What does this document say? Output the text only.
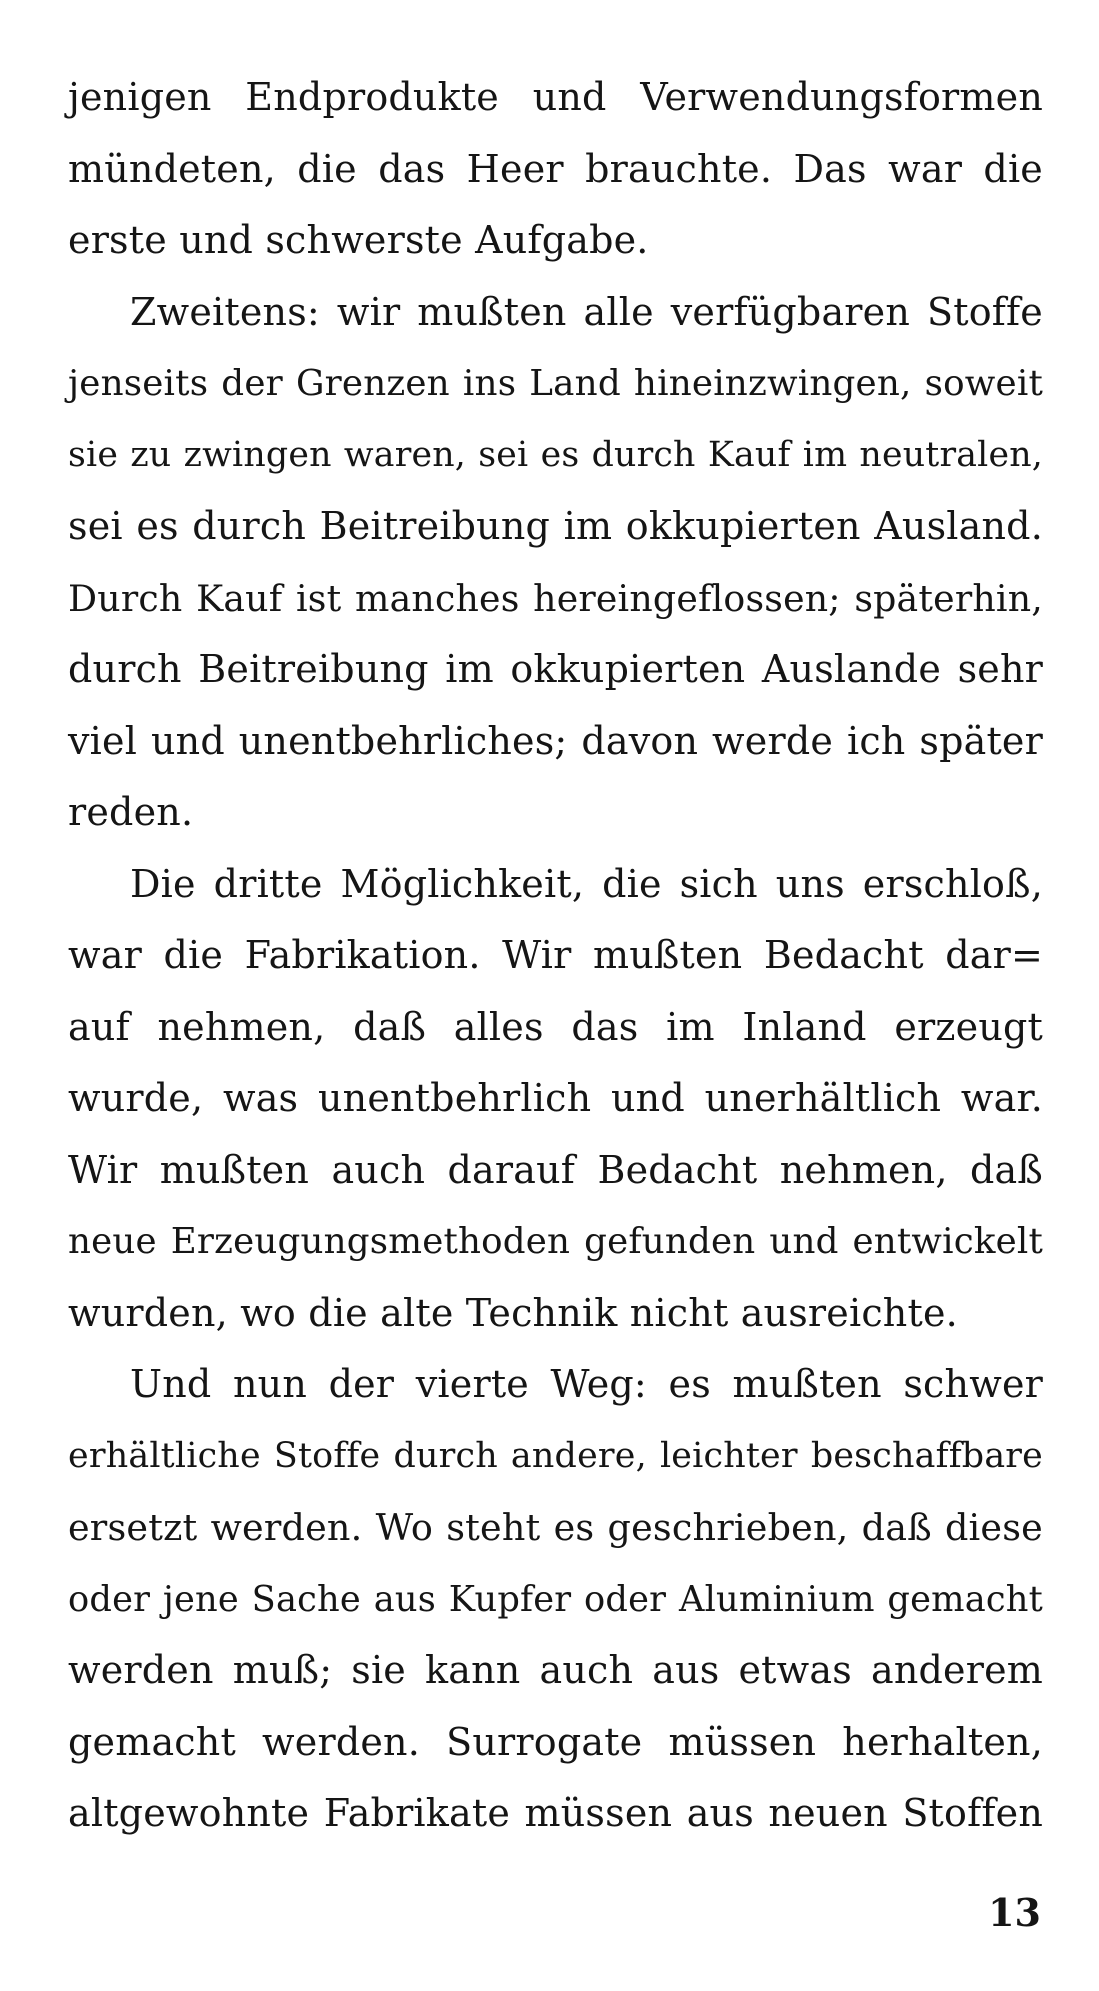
jenigen Endprodukte und Verwendungsformen
mündeten, die das Heer brauchte. Das war die
erste und schwerste Aufgabe.
Zweitens: wir mußten alle verfügbaren Stoffe
jenseits der Grenzen ins Land hineinzwingen, soweit
sie zu zwingen waren, sei es durch Kauf im neutralen,
sei es durch Beitreibung im okkupierten Ausland.
Durch Kauf ist manches hereingeflossen; späterhin,
durch Beitreibung im okkupierten Auslande sehr
viel und unentbehrliches; davon werde ich später
reden.
Die dritte Möglichkeit, die sich uns erschloß,
war die Fabrikation. Wir mußten Bedacht dar=
auf nehmen, daß alles das im Inland erzeugt
wurde, was unentbehrlich und unerhältlich war.
Wir mußten auch darauf Bedacht nehmen, daß
neue Erzeugungsmethoden gefunden und entwickelt
wurden, wo die alte Technik nicht ausreichte.
Und nun der vierte Weg: es mußten schwer
erhältliche Stoffe durch andere, leichter beschaffbare
ersetzt werden. Wo steht es geschrieben, daß diese
oder jene Sache aus Kupfer oder Aluminium gemacht
werden muß; sie kann auch aus etwas anderem
gemacht werden. Surrogate müssen herhalten,
altgewohnte Fabrikate müssen aus neuen Stoffen
13
